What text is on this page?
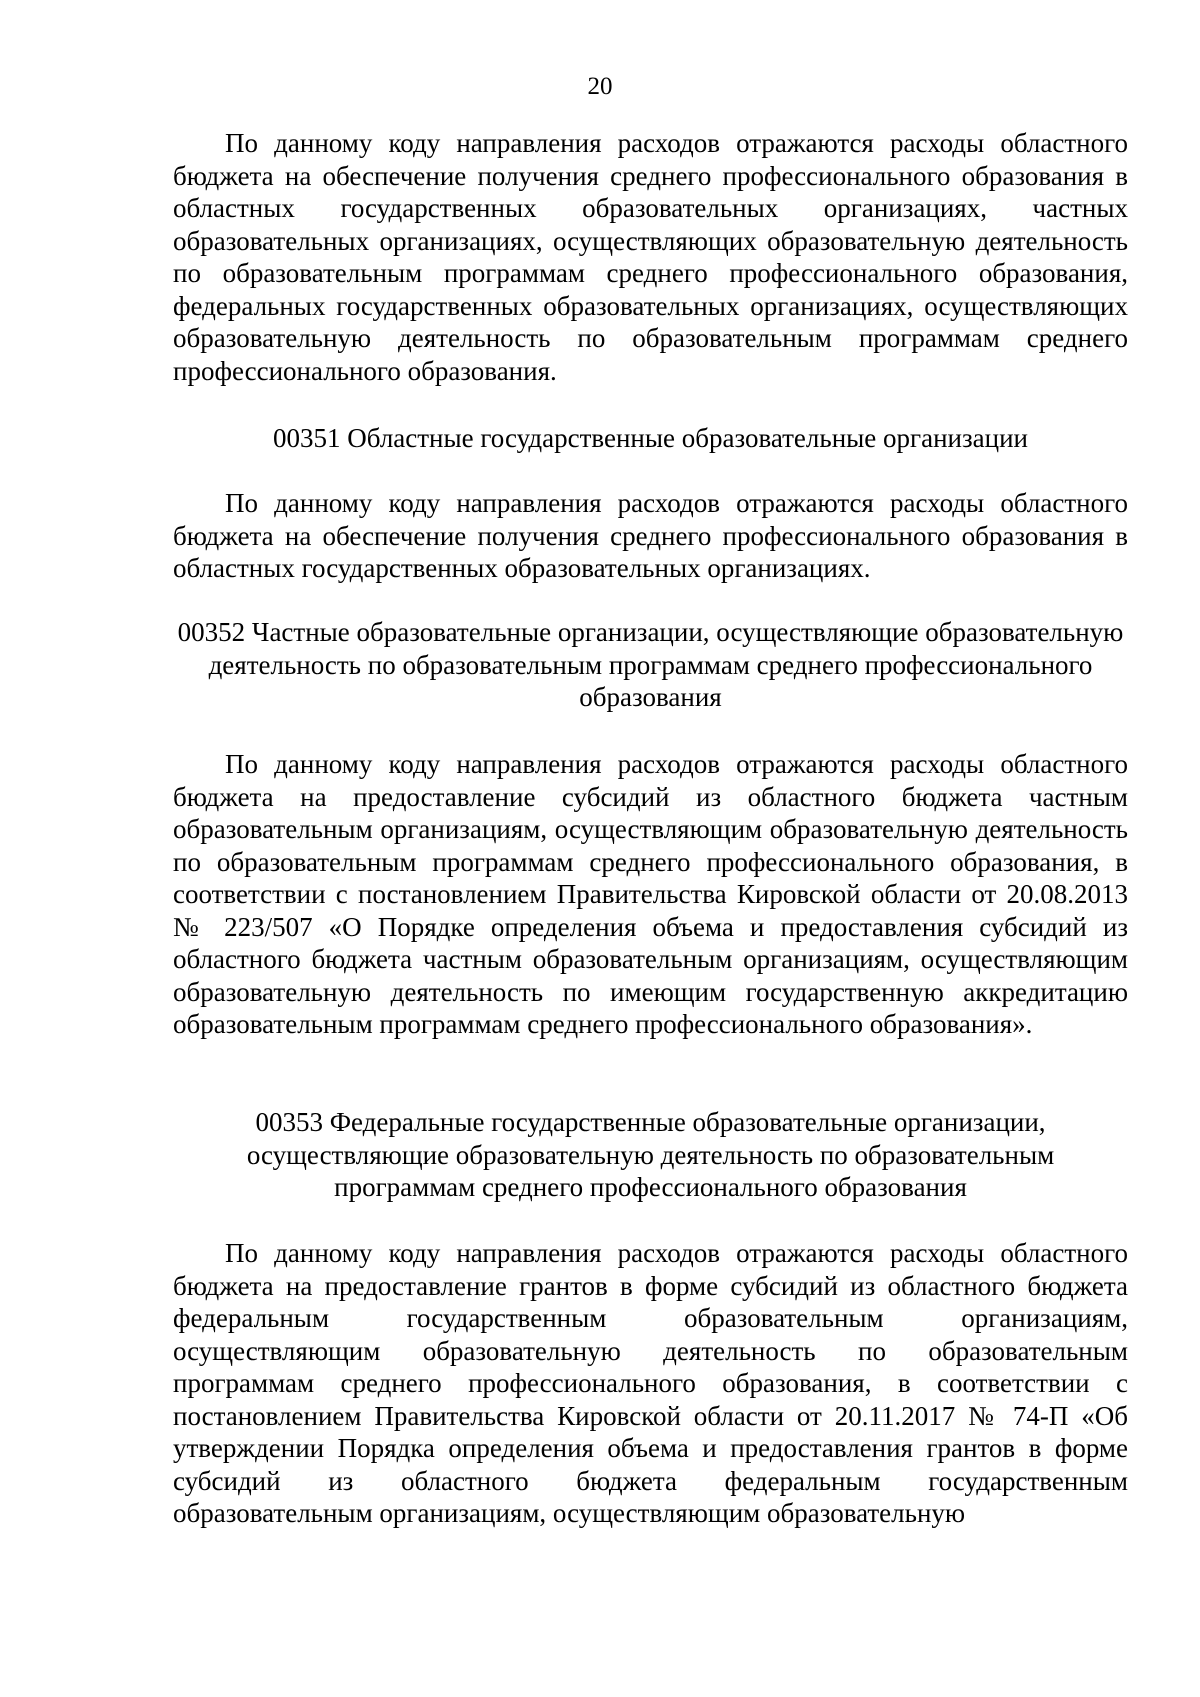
20

По данному коду направления расходов отражаются расходы областного бюджета на обеспечение получения среднего профессионального образования в областных государственных образовательных организациях, частных образовательных организациях, осуществляющих образовательную деятельность по образовательным программам среднего профессионального образования, федеральных государственных образовательных организациях, осуществляющих образовательную деятельность по образовательным программам среднего профессионального образования.

00351 Областные государственные образовательные организации

По данному коду направления расходов отражаются расходы областного бюджета на обеспечение получения среднего профессионального образования в областных государственных образовательных организациях.

00352 Частные образовательные организации, осуществляющие образовательную деятельность по образовательным программам среднего профессионального образования

По данному коду направления расходов отражаются расходы областного бюджета на предоставление субсидий из областного бюджета частным образовательным организациям, осуществляющим образовательную деятельность по образовательным программам среднего профессионального образования, в соответствии с постановлением Правительства Кировской области от 20.08.2013 № 223/507 «О Порядке определения объема и предоставления субсидий из областного бюджета частным образовательным организациям, осуществляющим образовательную деятельность по имеющим государственную аккредитацию образовательным программам среднего профессионального образования».

00353 Федеральные государственные образовательные организации, осуществляющие образовательную деятельность по образовательным программам среднего профессионального образования

По данному коду направления расходов отражаются расходы областного бюджета на предоставление грантов в форме субсидий из областного бюджета федеральным государственным образовательным организациям, осуществляющим образовательную деятельность по образовательным программам среднего профессионального образования, в соответствии с постановлением Правительства Кировской области от 20.11.2017 № 74-П «Об утверждении Порядка определения объема и предоставления грантов в форме субсидий из областного бюджета федеральным государственным образовательным организациям, осуществляющим образовательную
